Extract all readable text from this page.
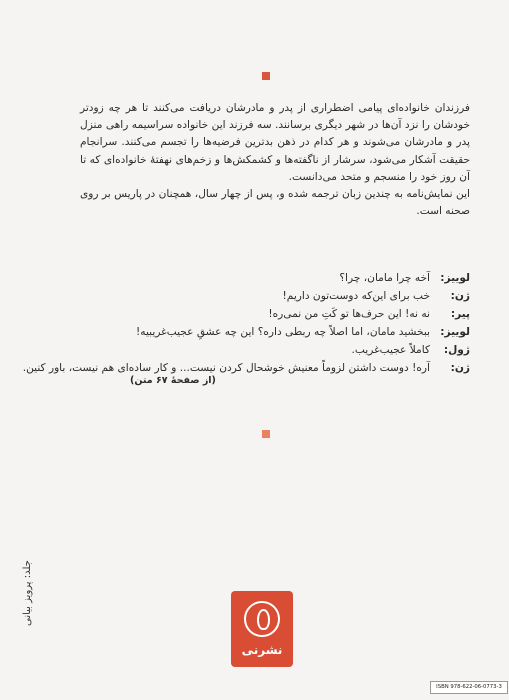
فرزندان خانواده‌ای پیامی اضطراری از پدر و مادرشان دریافت می‌کنند تا هر چه زودتر خودشان را نزد آن‌ها در شهر دیگری برسانند. سه فرزند این خانواده سراسیمه راهی منزل پدر و مادرشان می‌شوند و هر کدام در ذهن بدترین فرضیه‌ها را تجسم می‌کنند. سرانجام حقیقت آشکار می‌شود، سرشار از ناگفته‌ها و کشمکش‌ها و زخم‌های نهفتهٔ خانواده‌ای که تا آن روز خود را منسجم و متحد می‌دانست.

این نمایش‌نامه به چندین زبان ترجمه شده و، پس از چهار سال، همچنان در پاریس بر روی صحنه است.

لوییز:
آخه چرا مامان، چرا؟
ژن:
خب برای این‌که دوست‌تون داریم!
پیر:
نه نه! این حرف‌ها تو کَتِ من نمی‌ره!
لوییز:
ببخشید مامان، اما اصلاً چه ربطی داره؟ این چه عشقِ عجیب‌غریبیه!
ژول:
کاملاً عجیب‌غریب.
ژن:
آره! دوست داشتن لزوماً معنیش خوشحال کردن نیست... و کار ساده‌ای هم نیست، باور کنین.
(از صفحهٔ ۶۷ متن)
نشرنی
جلد: پرویز بیانی
ISBN 978-622-06-0773-3
